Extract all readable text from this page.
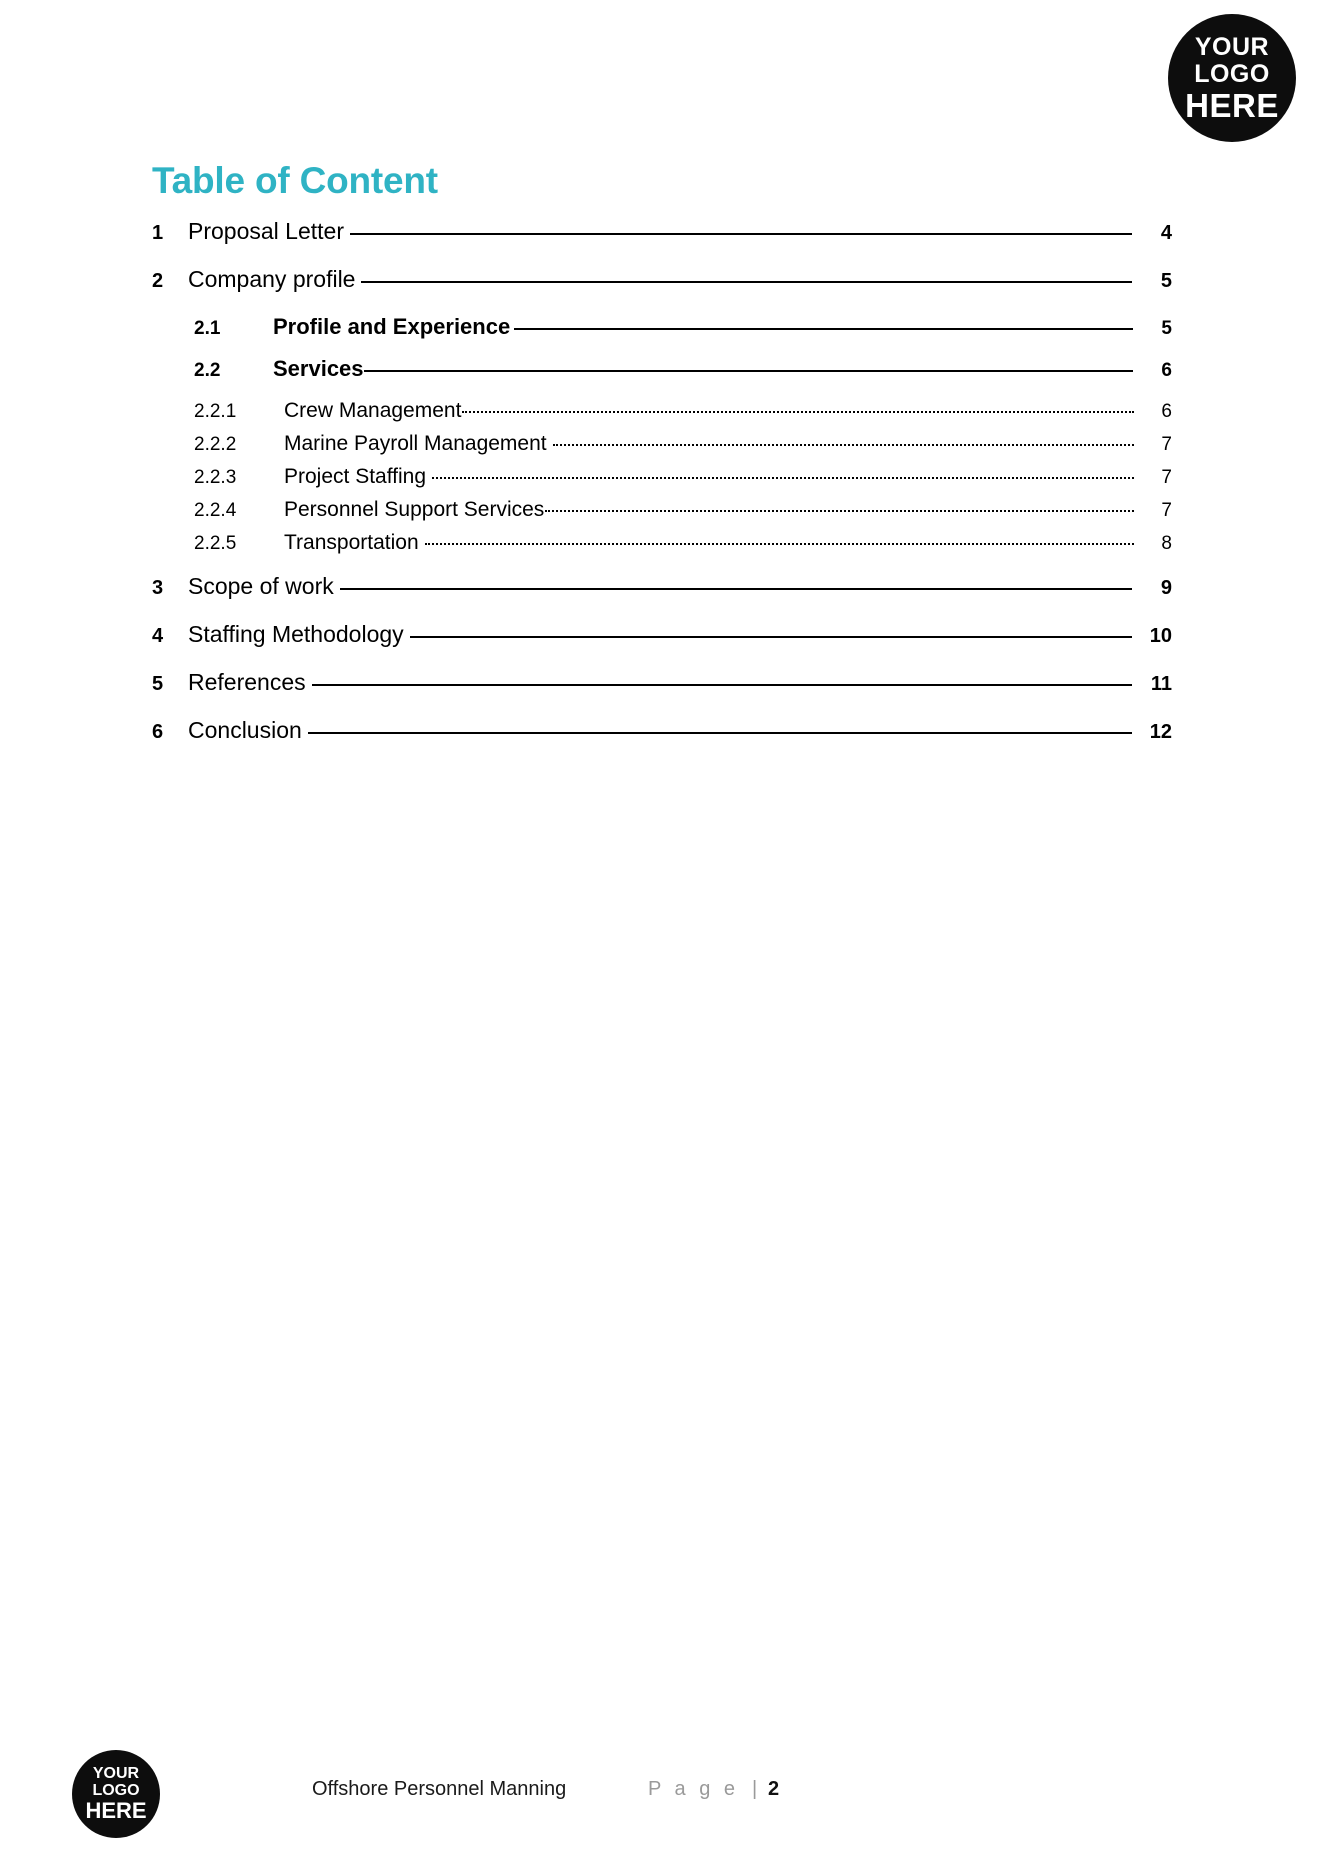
YOUR
LOGO
HERE
Table of Content
1	Proposal Letter	4
2	Company profile	5
2.1	Profile and Experience	5
2.2	Services	6
2.2.1	Crew Management	6
2.2.2	Marine Payroll Management	7
2.2.3	Project Staffing	7
2.2.4	Personnel Support Services	7
2.2.5	Transportation	8
3	Scope of work	9
4	Staffing Methodology	10
5	References	11
6	Conclusion	12
YOUR
LOGO
HERE
Offshore Personnel Manning	P a g e | 2
